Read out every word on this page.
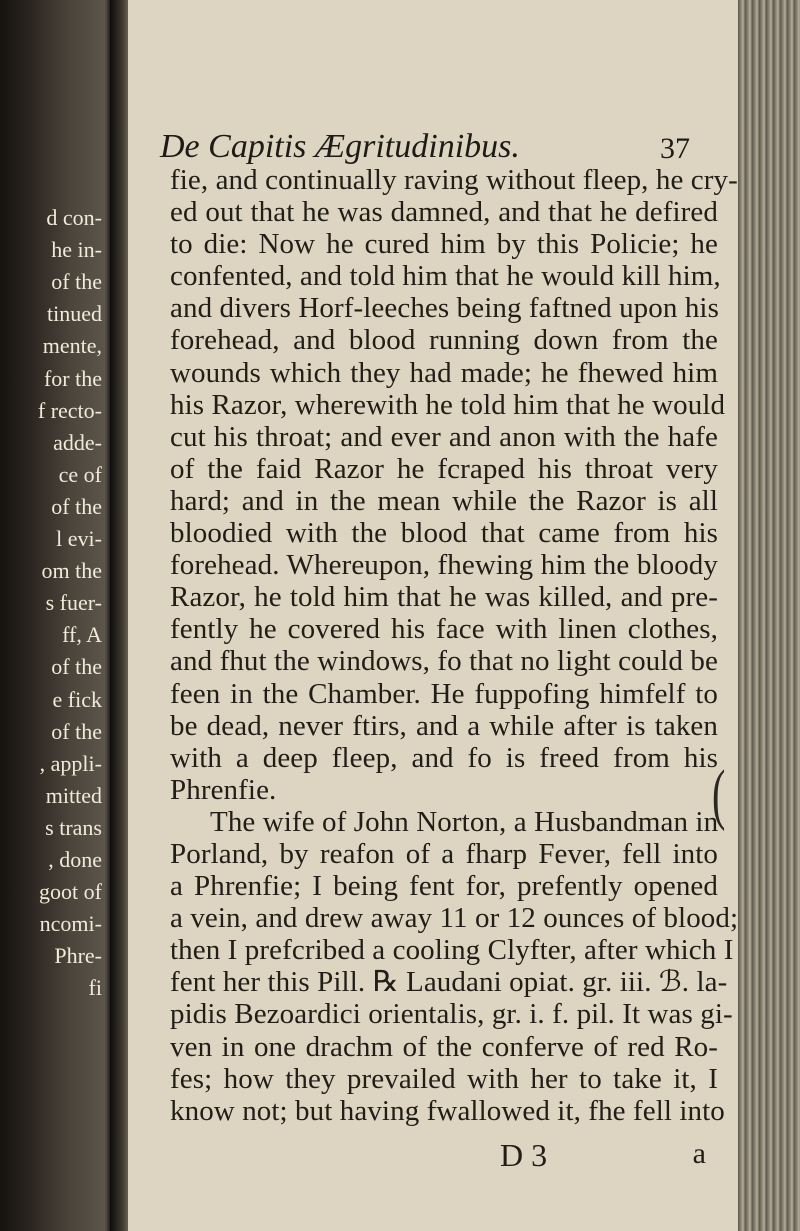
d con-
he in-
of the
tinued
mente,
for the
f recto-
adde-
ce of
of the
l evi-
om the
s fuer-
ff, A
of the
e fick
of the
, appli-
mitted
s trans
, done
goot of
ncomi-
Phre-
fi
De Capitis Ægritudinibus.	37
fie, and continually raving without fleep, he cry-
ed out that he was damned, and that he defired
to die: Now he cured him by this Policie; he
confented, and told him that he would kill him,
and divers Horf-leeches being faftned upon his
forehead, and blood running down from the
wounds which they had made; he fhewed him
his Razor, wherewith he told him that he would
cut his throat; and ever and anon with the hafe
of the faid Razor he fcraped his throat very
hard; and in the mean while the Razor is all
bloodied with the blood that came from his
forehead. Whereupon, fhewing him the bloody
Razor, he told him that he was killed, and pre-
fently he covered his face with linen clothes,
and fhut the windows, fo that no light could be
feen in the Chamber. He fuppofing himfelf to
be dead, never ftirs, and a while after is taken
with a deep fleep, and fo is freed from his
Phrenfie.
The wife of John Norton, a Husbandman in
Porland, by reafon of a fharp Fever, fell into
a Phrenfie; I being fent for, prefently opened
a vein, and drew away 11 or 12 ounces of blood;
then I prefcribed a cooling Clyfter, after which I
fent her this Pill. ℞ Laudani opiat. gr. iii. ℬ. la-
pidis Bezoardici orientalis, gr. i. f. pil. It was gi-
ven in one drachm of the conferve of red Ro-
fes; how they prevailed with her to take it, I
know not; but having fwallowed it, fhe fell into
D 3	a
(
